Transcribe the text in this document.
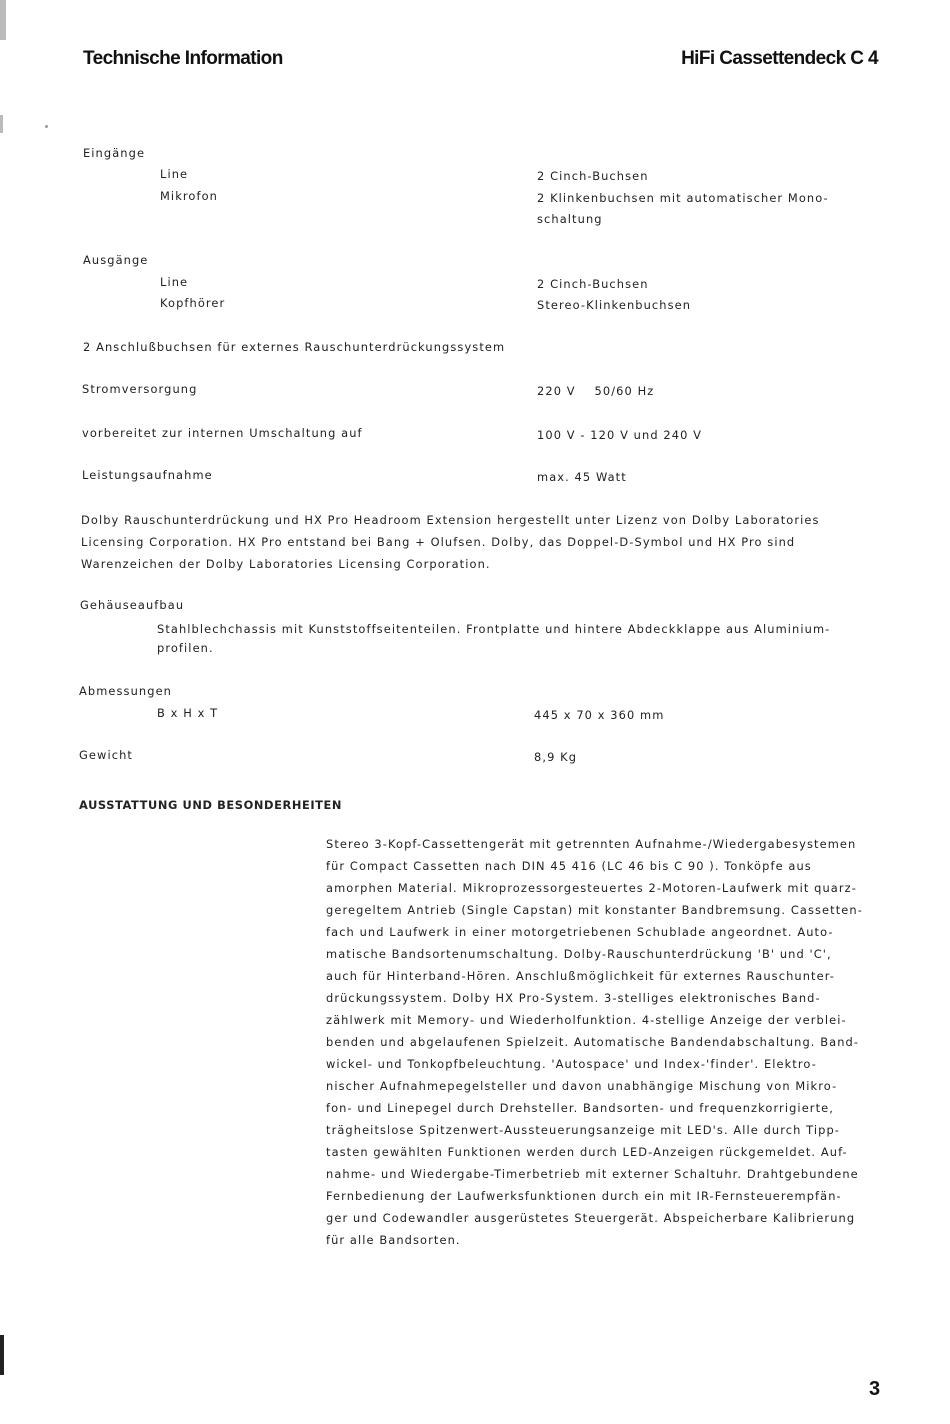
Technische Information	HiFi Cassettendeck C 4
Eingänge
Line	2 Cinch-Buchsen
Mikrofon	2 Klinkenbuchsen mit automatischer Mono-
schaltung
Ausgänge
Line	2 Cinch-Buchsen
Kopfhörer	Stereo-Klinkenbuchsen
2 Anschlußbuchsen für externes Rauschunterdrückungssystem
Stromversorgung	220 V    50/60 Hz
vorbereitet zur internen Umschaltung auf	100 V - 120 V und 240 V
Leistungsaufnahme	max. 45 Watt
Dolby Rauschunterdrückung und HX Pro Headroom Extension hergestellt unter Lizenz von Dolby Laboratories
Licensing Corporation. HX Pro entstand bei Bang + Olufsen. Dolby, das Doppel-D-Symbol und HX Pro sind
Warenzeichen der Dolby Laboratories Licensing Corporation.
Gehäuseaufbau
Stahlblechchassis mit Kunststoffseitenteilen. Frontplatte und hintere Abdeckklappe aus Aluminium-
profilen.
Abmessungen
B x H x T	445 x 70 x 360 mm
Gewicht	8,9 Kg
AUSSTATTUNG UND BESONDERHEITEN
Stereo 3-Kopf-Cassettengerät mit getrennten Aufnahme-/Wiedergabesystemen
für Compact Cassetten nach DIN 45 416 (LC 46 bis C 90 ). Tonköpfe aus
amorphen Material. Mikroprozessorgesteuertes 2-Motoren-Laufwerk mit quarz-
geregeltem Antrieb (Single Capstan) mit konstanter Bandbremsung. Cassetten-
fach und Laufwerk in einer motorgetriebenen Schublade angeordnet. Auto-
matische Bandsortenumschaltung. Dolby-Rauschunterdrückung 'B' und 'C',
auch für Hinterband-Hören. Anschlußmöglichkeit für externes Rauschunter-
drückungssystem. Dolby HX Pro-System. 3-stelliges elektronisches Band-
zählwerk mit Memory- und Wiederholfunktion. 4-stellige Anzeige der verblei-
benden und abgelaufenen Spielzeit. Automatische Bandendabschaltung. Band-
wickel- und Tonkopfbeleuchtung. 'Autospace' und Index-'finder'. Elektro-
nischer Aufnahmepegelsteller und davon unabhängige Mischung von Mikro-
fon- und Linepegel durch Drehsteller. Bandsorten- und frequenzkorrigierte,
trägheitslose Spitzenwert-Aussteuerungsanzeige mit LED's. Alle durch Tipp-
tasten gewählten Funktionen werden durch LED-Anzeigen rückgemeldet. Auf-
nahme- und Wiedergabe-Timerbetrieb mit externer Schaltuhr. Drahtgebundene
Fernbedienung der Laufwerksfunktionen durch ein mit IR-Fernsteuerempfän-
ger und Codewandler ausgerüstetes Steuergerät. Abspeicherbare Kalibrierung
für alle Bandsorten.
3
